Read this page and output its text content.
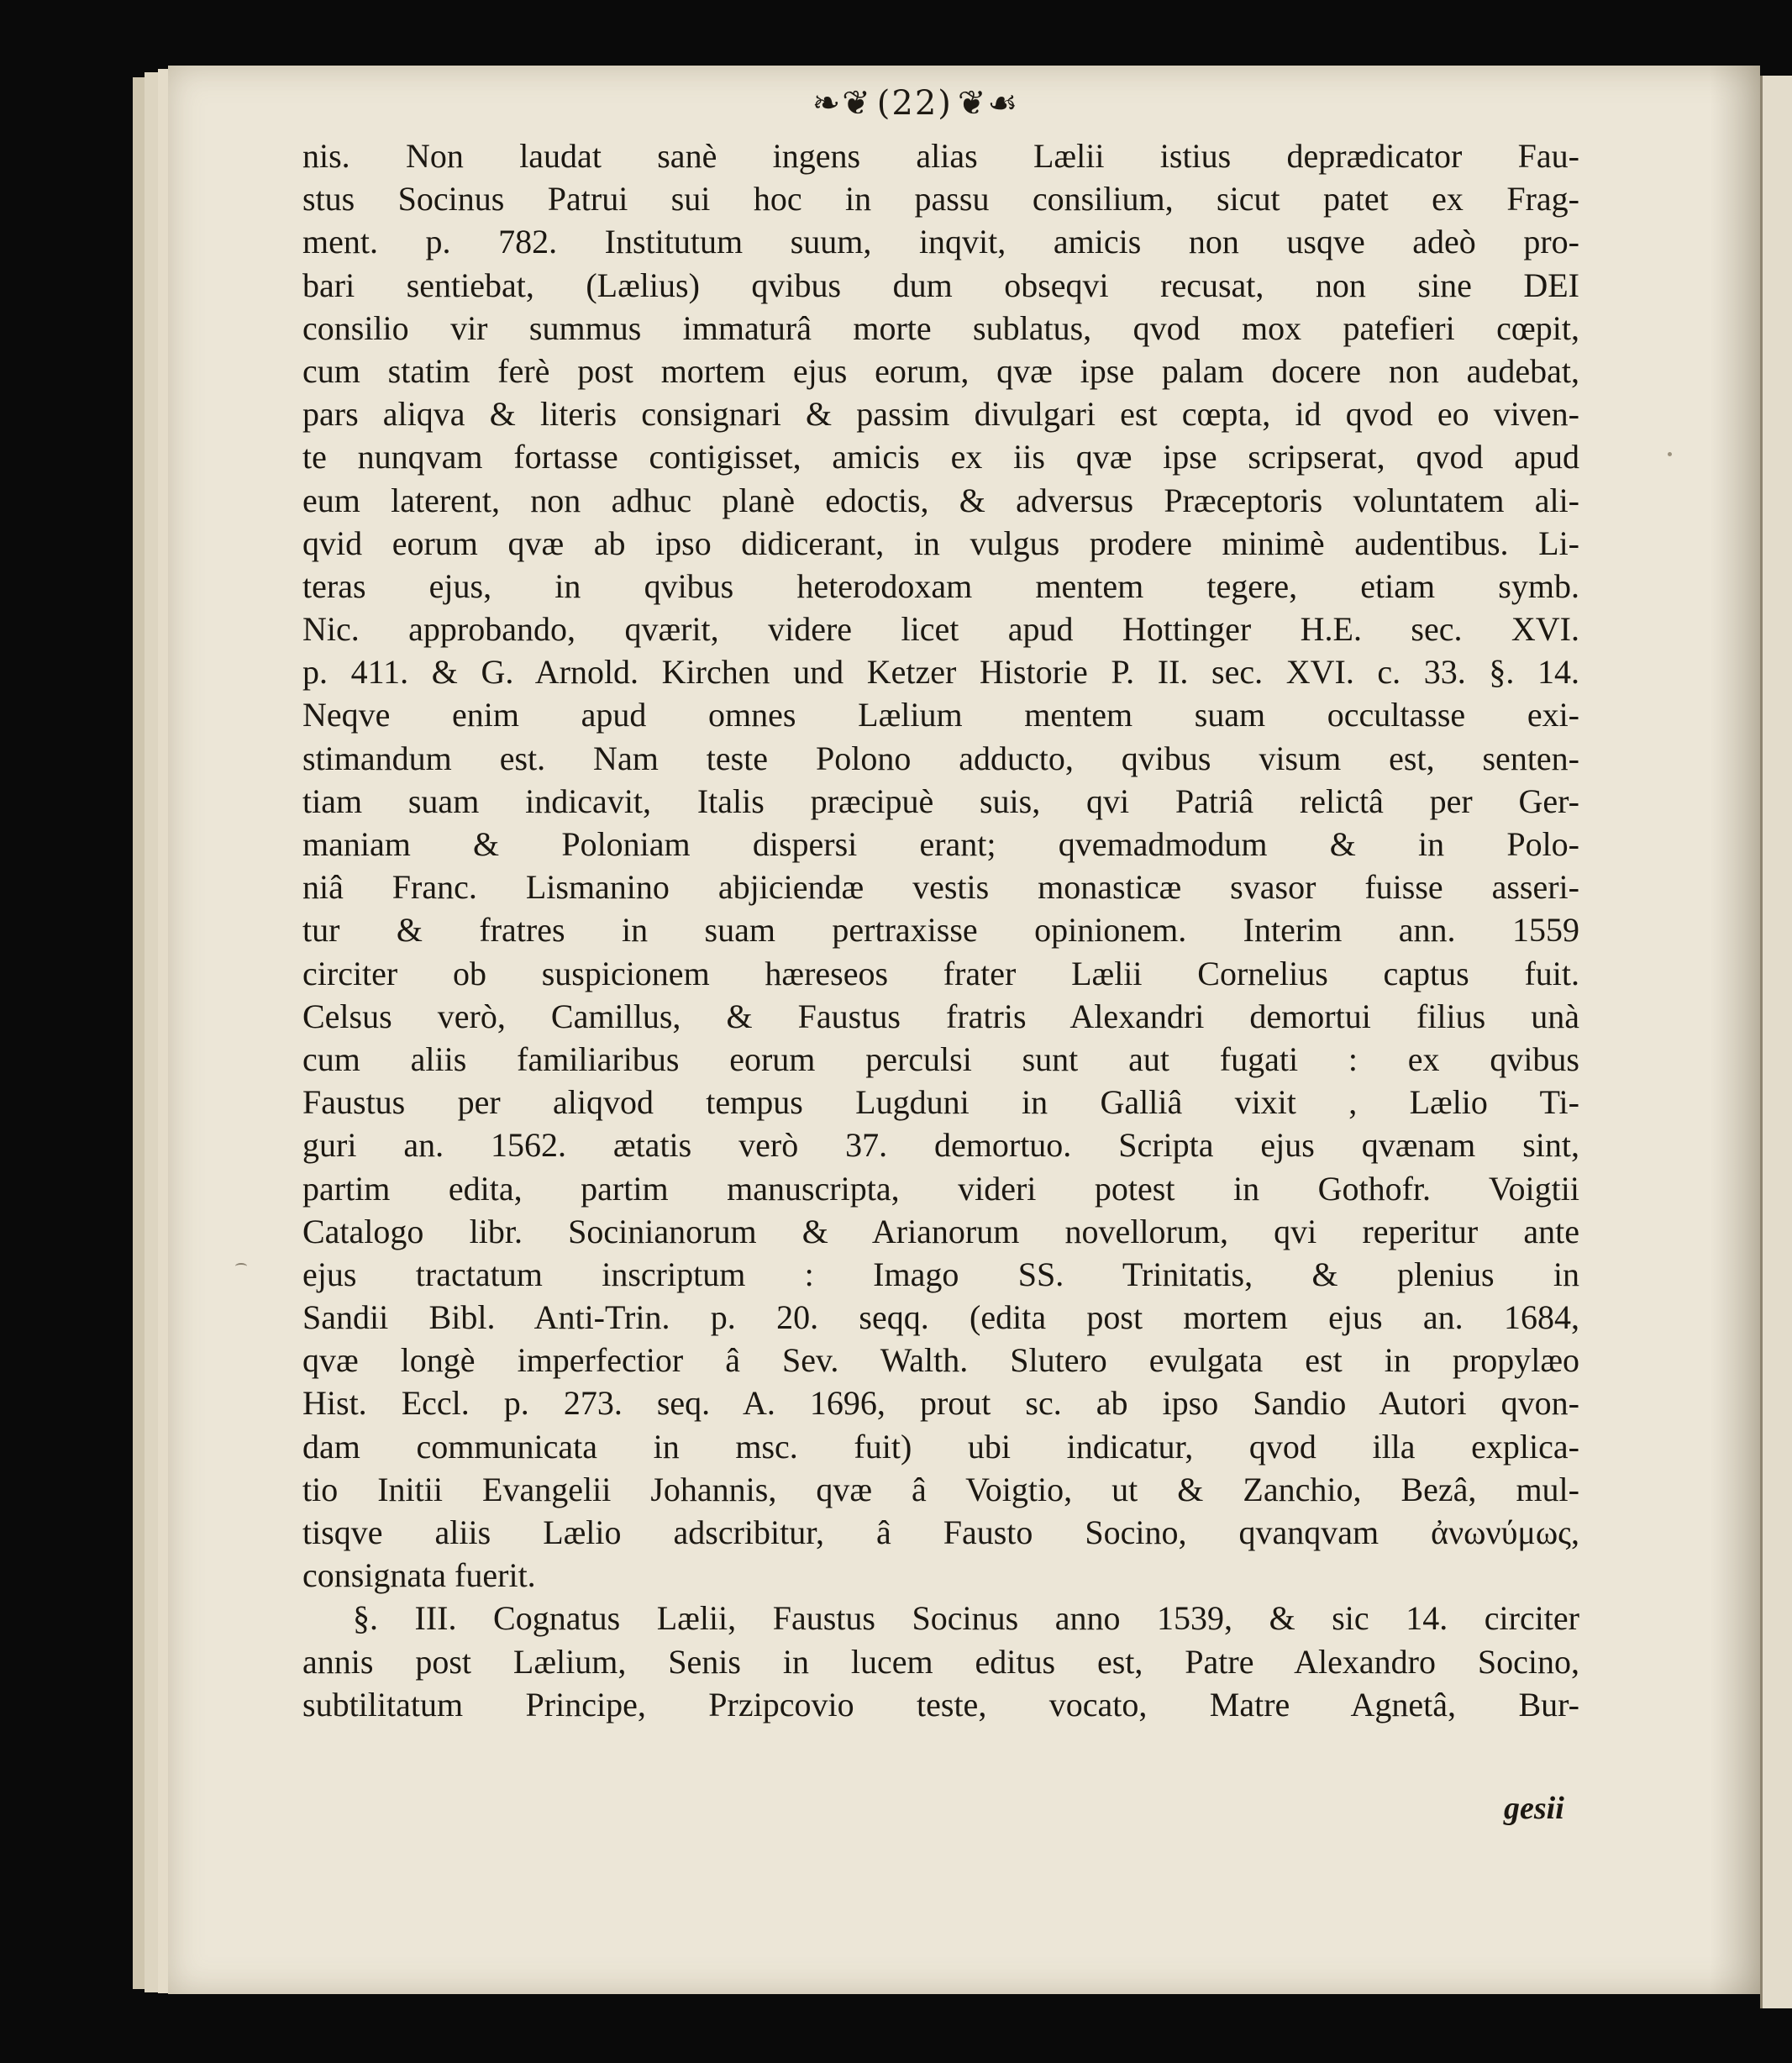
❧❦ (22) ❦☙
nis. Non laudat sanè ingens alias Lælii istius deprædicator Fau-
stus Socinus Patrui sui hoc in passu consilium, sicut patet ex Frag-
ment. p. 782. Institutum suum, inqvit, amicis non usqve adeò pro-
bari sentiebat, (Lælius) qvibus dum obseqvi recusat, non sine DEI
consilio vir summus immaturâ morte sublatus, qvod mox patefieri cœpit,
cum statim ferè post mortem ejus eorum, qvæ ipse palam docere non audebat,
pars aliqva & literis consignari & passim divulgari est cœpta, id qvod eo viven-
te nunqvam fortasse contigisset, amicis ex iis qvæ ipse scripserat, qvod apud
eum laterent, non adhuc planè edoctis, & adversus Præceptoris voluntatem ali-
qvid eorum qvæ ab ipso didicerant, in vulgus prodere minimè audentibus. Li-
teras ejus, in qvibus heterodoxam mentem tegere, etiam symb.
Nic. approbando, qværit, videre licet apud Hottinger H.E. sec. XVI.
p. 411. & G. Arnold. Kirchen und Ketzer Historie P. II. sec. XVI. c. 33. §. 14.
Neqve enim apud omnes Lælium mentem suam occultasse exi-
stimandum est. Nam teste Polono adducto, qvibus visum est, senten-
tiam suam indicavit, Italis præcipuè suis, qvi Patriâ relictâ per Ger-
maniam & Poloniam dispersi erant; qvemadmodum & in Polo-
niâ Franc. Lismanino abjiciendæ vestis monasticæ svasor fuisse asseri-
tur & fratres in suam pertraxisse opinionem. Interim ann. 1559
circiter ob suspicionem hæreseos frater Lælii Cornelius captus fuit.
Celsus verò, Camillus, & Faustus fratris Alexandri demortui filius unà
cum aliis familiaribus eorum perculsi sunt aut fugati : ex qvibus
Faustus per aliqvod tempus Lugduni in Galliâ vixit , Lælio Ti-
guri an. 1562. ætatis verò 37. demortuo. Scripta ejus qvænam sint,
partim edita, partim manuscripta, videri potest in Gothofr. Voigtii
Catalogo libr. Socinianorum & Arianorum novellorum, qvi reperitur ante
ejus tractatum inscriptum : Imago SS. Trinitatis, & plenius in
Sandii Bibl. Anti-Trin. p. 20. seqq. (edita post mortem ejus an. 1684,
qvæ longè imperfectior â Sev. Walth. Slutero evulgata est in propylæo
Hist. Eccl. p. 273. seq. A. 1696, prout sc. ab ipso Sandio Autori qvon-
dam communicata in msc. fuit) ubi indicatur, qvod illa explica-
tio Initii Evangelii Johannis, qvæ â Voigtio, ut & Zanchio, Bezâ, mul-
tisqve aliis Lælio adscribitur, â Fausto Socino, qvanqvam ἀνωνύμως,
consignata fuerit.
§. III. Cognatus Lælii, Faustus Socinus anno 1539, & sic 14. circiter
annis post Lælium, Senis in lucem editus est, Patre Alexandro Socino,
subtilitatum Principe, Przipcovio teste, vocato, Matre Agnetâ, Bur-
gesii
